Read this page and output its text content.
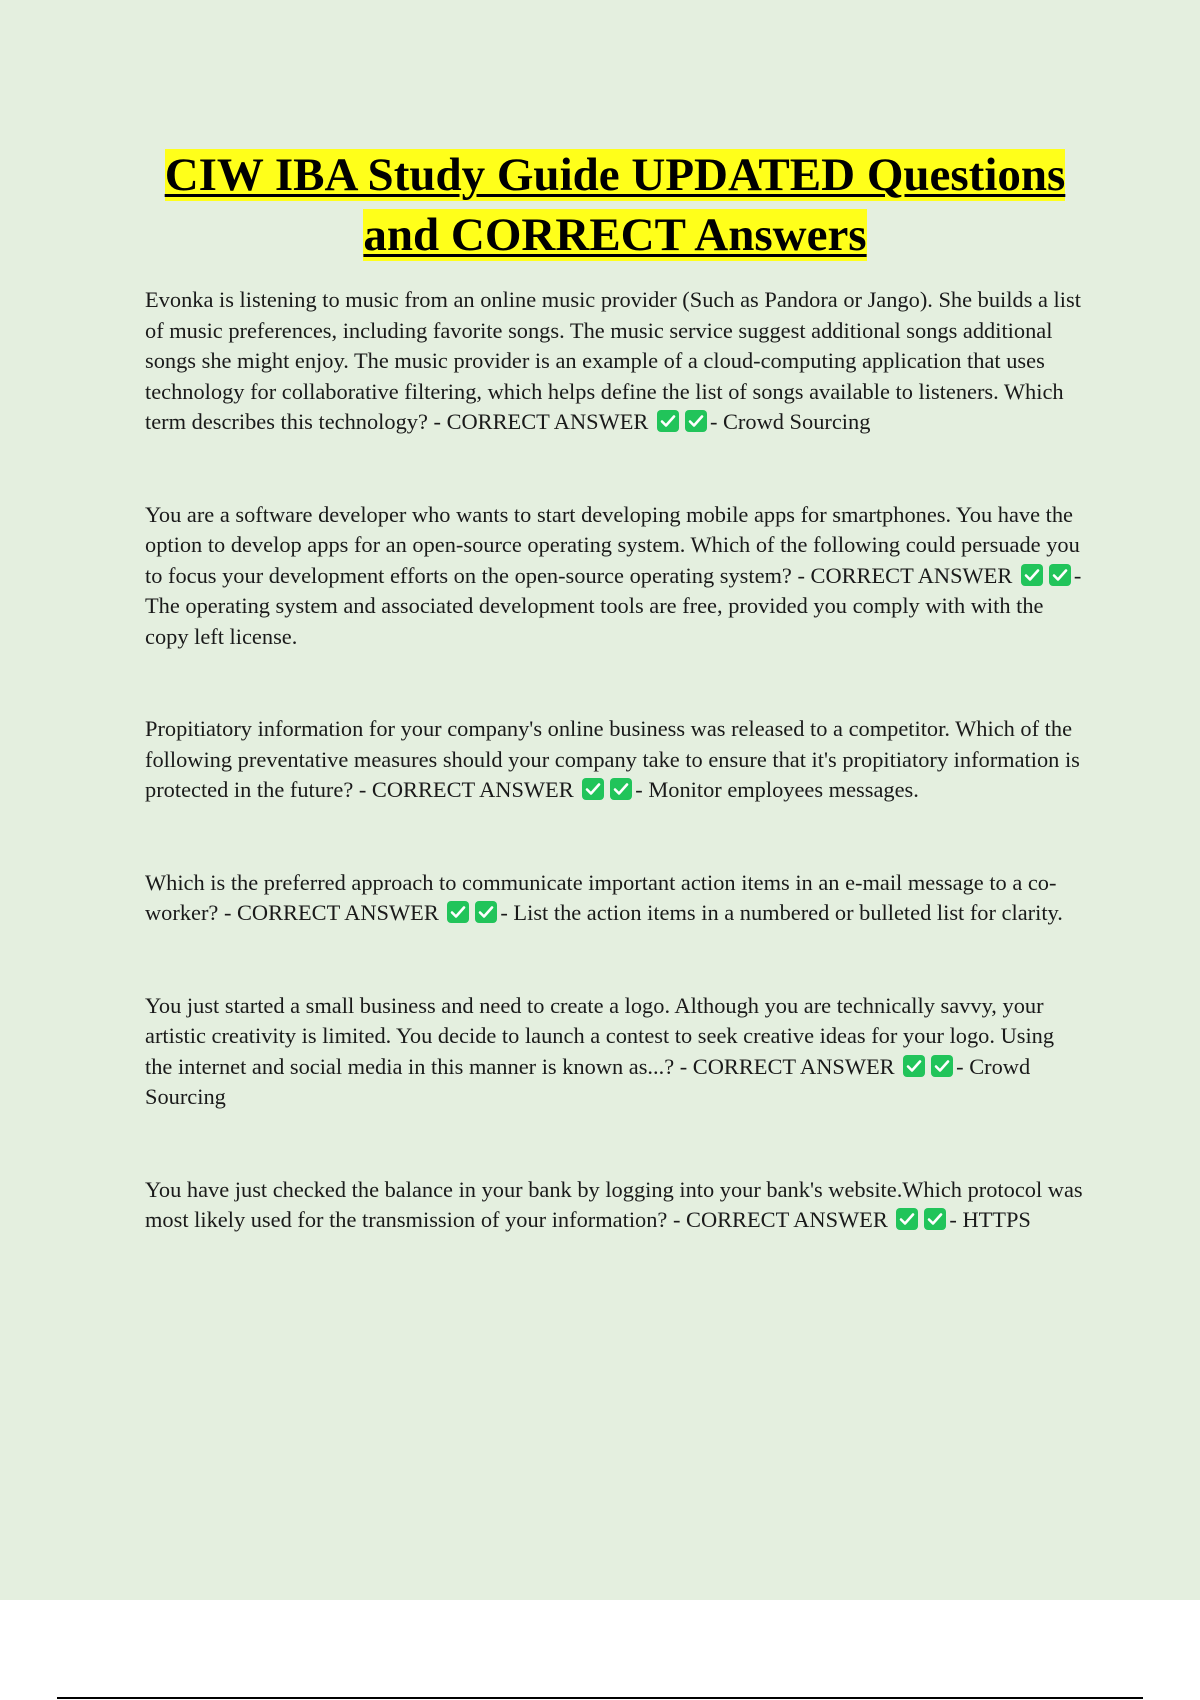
CIW IBA Study Guide UPDATED Questions and CORRECT Answers

Evonka is listening to music from an online music provider (Such as Pandora or Jango). She builds a list of music preferences, including favorite songs. The music service suggest additional songs additional songs she might enjoy. The music provider is an example of a cloud-computing application that uses technology for collaborative filtering, which helps define the list of songs available to listeners. Which term describes this technology? - CORRECT ANSWER	- Crowd Sourcing

You are a software developer who wants to start developing mobile apps for smartphones. You have the option to develop apps for an open-source operating system. Which of the following could persuade you to focus your development efforts on the open-source operating system? - CORRECT ANSWER	- The operating system and associated development tools are free, provided you comply with with the copy left license.

Propitiatory information for your company's online business was released to a competitor. Which of the following preventative measures should your company take to ensure that it's propitiatory information is protected in the future? - CORRECT ANSWER	- Monitor employees messages.

Which is the preferred approach to communicate important action items in an e-mail message to a co-worker? - CORRECT ANSWER	- List the action items in a numbered or bulleted list for clarity.

You just started a small business and need to create a logo. Although you are technically savvy, your artistic creativity is limited. You decide to launch a contest to seek creative ideas for your logo. Using the internet and social media in this manner is known as...? - CORRECT ANSWER	- Crowd Sourcing

You have just checked the balance in your bank by logging into your bank's website.Which protocol was most likely used for the transmission of your information? - CORRECT ANSWER	- HTTPS
